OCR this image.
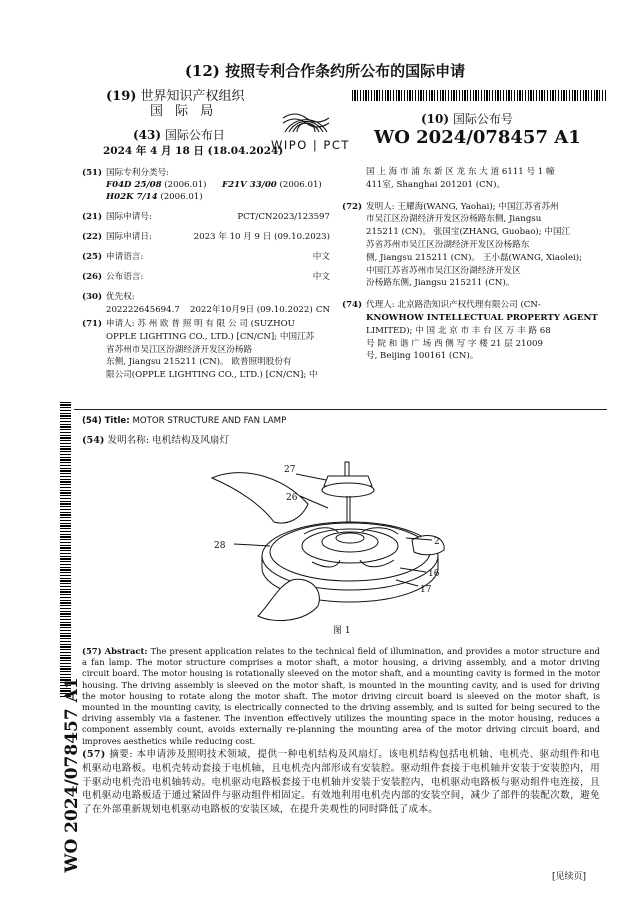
(12) 按照专利合作条约所公布的国际申请
(19) 世界知识产权组织
国 际 局
(43) 国际公布日
2024 年 4 月 18 日 (18.04.2024)
WIPO | PCT
(10) 国际公布号
WO 2024/078457 A1
(51) 国际专利分类号:
F04D 25/08 (2006.01) F21V 33/00 (2006.01)
H02K 7/14 (2006.01)
(21) 国际申请号:	PCT/CN2023/123597
(22) 国际申请日:	2023 年 10 月 9 日 (09.10.2023)
(25) 申请语言:	中文
(26) 公布语言:	中文
(30) 优先权:
202222645694.7 2022年10月9日 (09.10.2022) CN
(71) 申请人: 苏 州 欧 普 照 明 有 限 公 司 (SUZHOU
OPPLE LIGHTING CO., LTD.) [CN/CN]; 中国江苏
省苏州市吴江区汾湖经济开发区汾杨路
东侧, Jiangsu 215211 (CN)。 欧普照明股份有
限公司(OPPLE LIGHTING CO., LTD.) [CN/CN]; 中
国 上 海 市 浦 东 新 区 龙 东 大 道 6111 号 1 幢
411室, Shanghai 201201 (CN)。
(72) 发明人: 王耀海(WANG, Yaohai); 中国江苏省苏州
市吴江区汾湖经济开发区汾杨路东侧, Jiangsu
215211 (CN)。 张国宝(ZHANG, Guobao); 中国江
苏省苏州市吴江区汾湖经济开发区汾杨路东
侧, Jiangsu 215211 (CN)。 王小磊(WANG, Xiaolei);
中国江苏省苏州市吴江区汾湖经济开发区
汾杨路东侧, Jiangsu 215211 (CN)。
(74) 代理人: 北京路浩知识产权代理有限公司 (CN-
KNOWHOW INTELLECTUAL PROPERTY AGENT
LIMITED); 中 国 北 京 市 丰 台 区 万 丰 路 68
号 院 和 谐 广 场 西 侧 写 字 楼 21 层 21009
号, Beijing 100161 (CN)。
WO 2024/078457 A1
(54) Title: MOTOR STRUCTURE AND FAN LAMP
(54) 发明名称: 电机结构及风扇灯
27
26
28	2
16
17
图 1
(57) Abstract: The present application relates to the technical field of illumination, and provides a motor structure and a fan lamp. The motor structure comprises a motor shaft, a motor housing, a driving assembly, and a motor driving circuit board. The motor housing is rotationally sleeved on the motor shaft, and a mounting cavity is formed in the motor housing. The driving assembly is sleeved on the motor shaft, is mounted in the mounting cavity, and is used for driving the motor housing to rotate along the motor shaft. The motor driving circuit board is sleeved on the motor shaft, is mounted in the mounting cavity, is electrically connected to the driving assembly, and is suited for being secured to the driving assembly via a fastener. The invention effectively utilizes the mounting space in the motor housing, reduces a component assembly count, avoids externally re-planning the mounting area of the motor driving circuit board, and improves aesthetics while reducing cost.
(57) 摘要: 本申请涉及照明技术领域，提供一种电机结构及风扇灯。该电机结构包括电机轴、电机壳、驱动组件和电机驱动电路板。电机壳转动套接于电机轴，且电机壳内部形成有安装腔。驱动组件套接于电机轴并安装于安装腔内，用于驱动电机壳沿电机轴转动。电机驱动电路板套接于电机轴并安装于安装腔内，电机驱动电路板与驱动组件电连接，且电机驱动电路板适于通过紧固件与驱动组件相固定。有效地利用电机壳内部的安装空间，减少了部件的装配次数，避免了在外部重新规划电机驱动电路板的安装区域，在提升美观性的同时降低了成本。
[见续页]
